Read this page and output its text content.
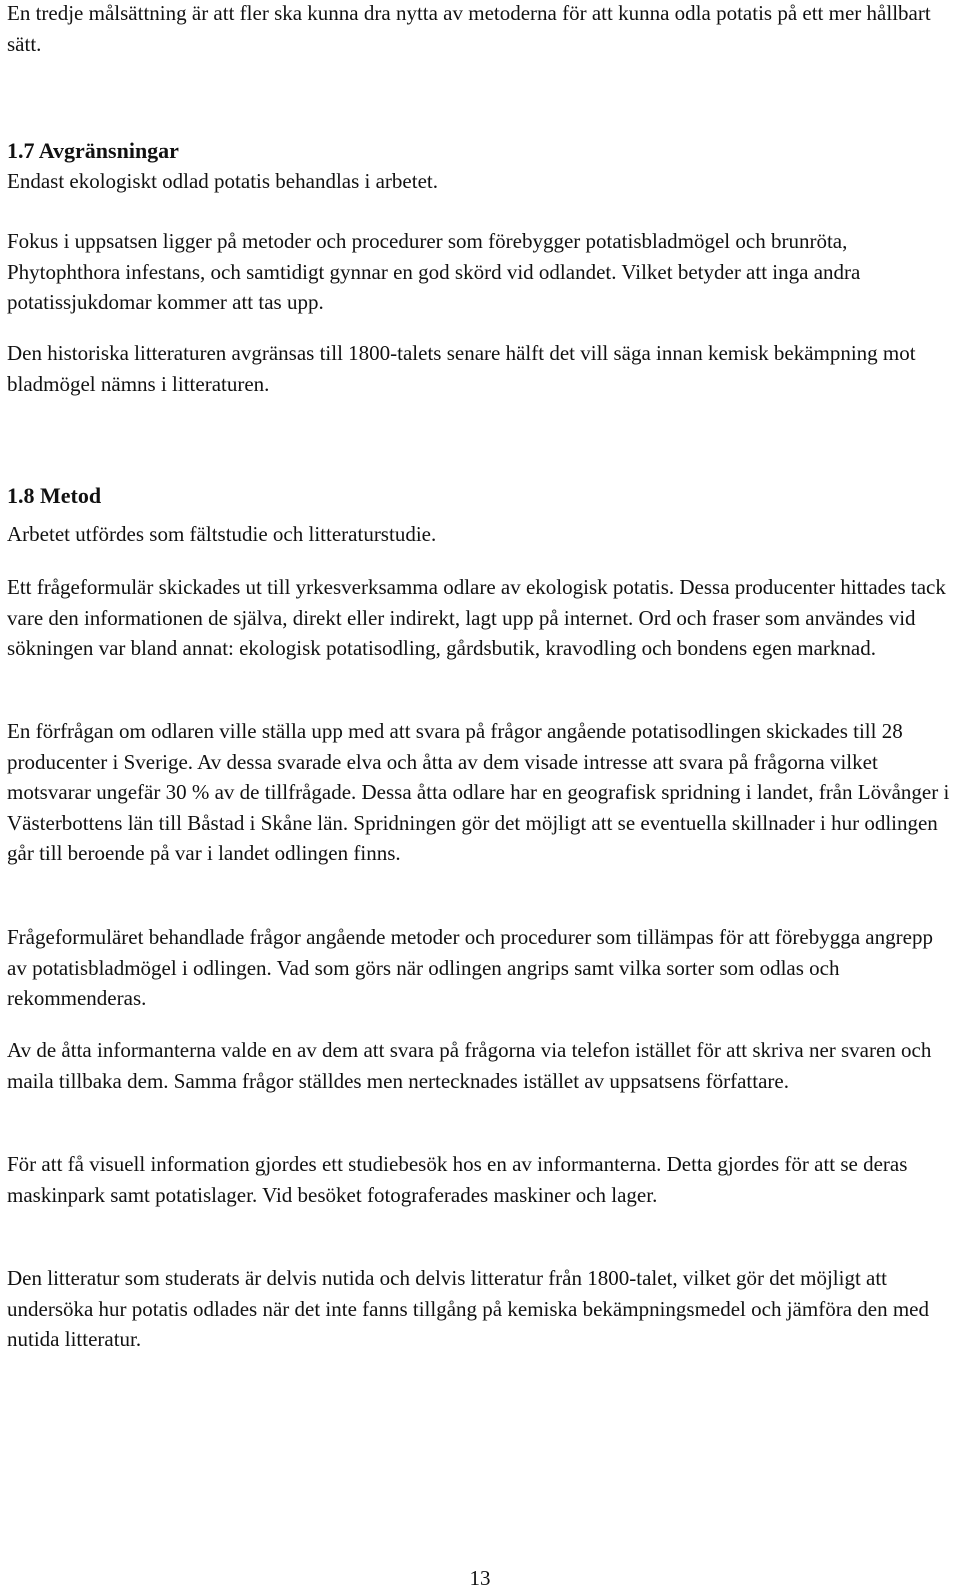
En tredje målsättning är att fler ska kunna dra nytta av metoderna för att kunna odla potatis på ett mer hållbart sätt.

1.7 Avgränsningar

Endast ekologiskt odlad potatis behandlas i arbetet.

Fokus i uppsatsen ligger på metoder och procedurer som förebygger potatisbladmögel och brunröta, Phytophthora infestans, och samtidigt gynnar en god skörd vid odlandet. Vilket betyder att inga andra potatissjukdomar kommer att tas upp.

Den historiska litteraturen avgränsas till 1800-talets senare hälft det vill säga innan kemisk bekämpning mot bladmögel nämns i litteraturen.

1.8 Metod

Arbetet utfördes som fältstudie och litteraturstudie.

Ett frågeformulär skickades ut till yrkesverksamma odlare av ekologisk potatis. Dessa producenter hittades tack vare den informationen de själva, direkt eller indirekt, lagt upp på internet. Ord och fraser som användes vid sökningen var bland annat: ekologisk potatisodling, gårdsbutik, kravodling och bondens egen marknad.

En förfrågan om odlaren ville ställa upp med att svara på frågor angående potatisodlingen skickades till 28 producenter i Sverige. Av dessa svarade elva och åtta av dem visade intresse att svara på frågorna vilket motsvarar ungefär 30 % av de tillfrågade. Dessa åtta odlare har en geografisk spridning i landet, från Lövånger i Västerbottens län till Båstad i Skåne län. Spridningen gör det möjligt att se eventuella skillnader i hur odlingen går till beroende på var i landet odlingen finns.

Frågeformuläret behandlade frågor angående metoder och procedurer som tillämpas för att förebygga angrepp av potatisbladmögel i odlingen. Vad som görs när odlingen angrips samt vilka sorter som odlas och rekommenderas.

Av de åtta informanterna valde en av dem att svara på frågorna via telefon istället för att skriva ner svaren och maila tillbaka dem. Samma frågor ställdes men nertecknades istället av uppsatsens författare.

För att få visuell information gjordes ett studiebesök hos en av informanterna. Detta gjordes för att se deras maskinpark samt potatislager. Vid besöket fotograferades maskiner och lager.

Den litteratur som studerats är delvis nutida och delvis litteratur från 1800-talet, vilket gör det möjligt att undersöka hur potatis odlades när det inte fanns tillgång på kemiska bekämpningsmedel och jämföra den med nutida litteratur.

13
